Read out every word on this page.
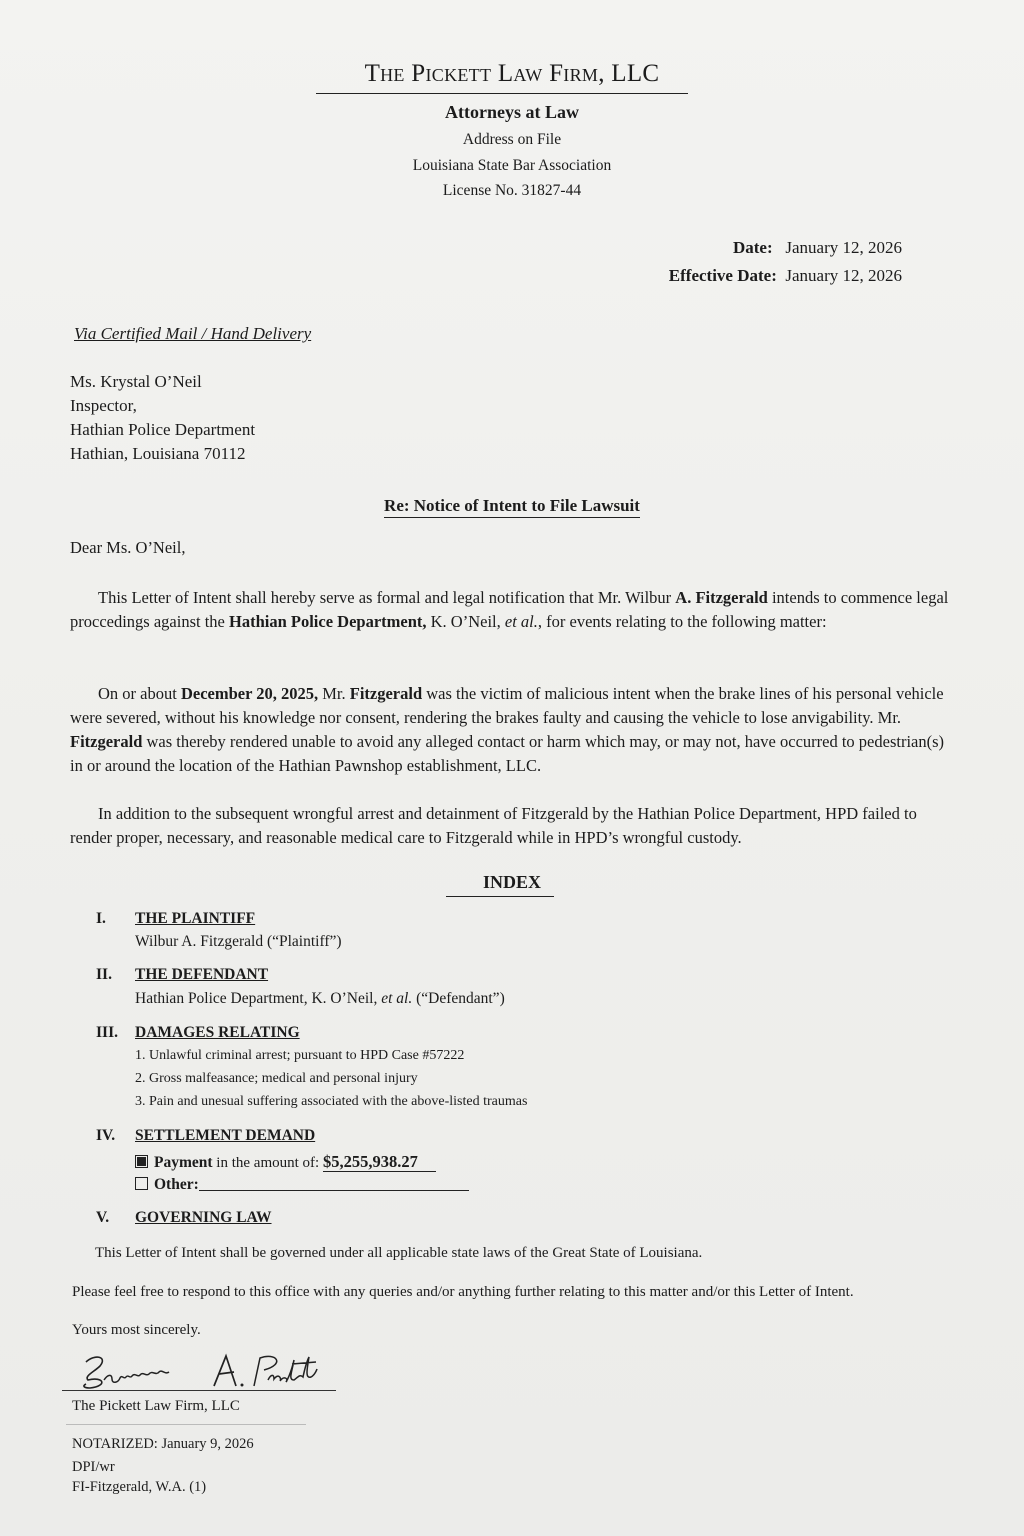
The Pickett Law Firm, LLC
Attorneys at Law
Address on File
Louisiana State Bar Association
License No. 31827-44
Date: January 12, 2026
Effective Date: January 12, 2026
Via Certified Mail / Hand Delivery
Ms. Krystal O’Neil
Inspector,
Hathian Police Department
Hathian, Louisiana 70112
Re: Notice of Intent to File Lawsuit
Dear Ms. O’Neil,
This Letter of Intent shall hereby serve as formal and legal notification that Mr. Wilbur A. Fitzgerald intends to commence legal proccedings against the Hathian Police Department, K. O’Neil, et al., for events relating to the following matter:
On or about December 20, 2025, Mr. Fitzgerald was the victim of malicious intent when the brake lines of his personal vehicle were severed, without his knowledge nor consent, rendering the brakes faulty and causing the vehicle to lose anvigability. Mr. Fitzgerald was thereby rendered unable to avoid any alleged contact or harm which may, or may not, have occurred to pedestrian(s) in or around the location of the Hathian Pawnshop establishment, LLC.
In addition to the subsequent wrongful arrest and detainment of Fitzgerald by the Hathian Police Department, HPD failed to render proper, necessary, and reasonable medical care to Fitzgerald while in HPD’s wrongful custody.
INDEX
I. THE PLAINTIFF
Wilbur A. Fitzgerald (“Plaintiff”)
II. THE DEFENDANT
Hathian Police Department, K. O’Neil, et al. (“Defendant”)
III. DAMAGES RELATING
1. Unlawful criminal arrest; pursuant to HPD Case #57222
2. Gross malfeasance; medical and personal injury
3. Pain and unesual suffering associated with the above-listed traumas
IV. SETTLEMENT DEMAND
Payment in the amount of: $5,255,938.27
Other:
V. GOVERNING LAW
This Letter of Intent shall be governed under all applicable state laws of the Great State of Louisiana.
Please feel free to respond to this office with any queries and/or anything further relating to this matter and/or this Letter of Intent.
Yours most sincerely.
The Pickett Law Firm, LLC
NOTARIZED: January 9, 2026
DPI/wr
FI-Fitzgerald, W.A. (1)
